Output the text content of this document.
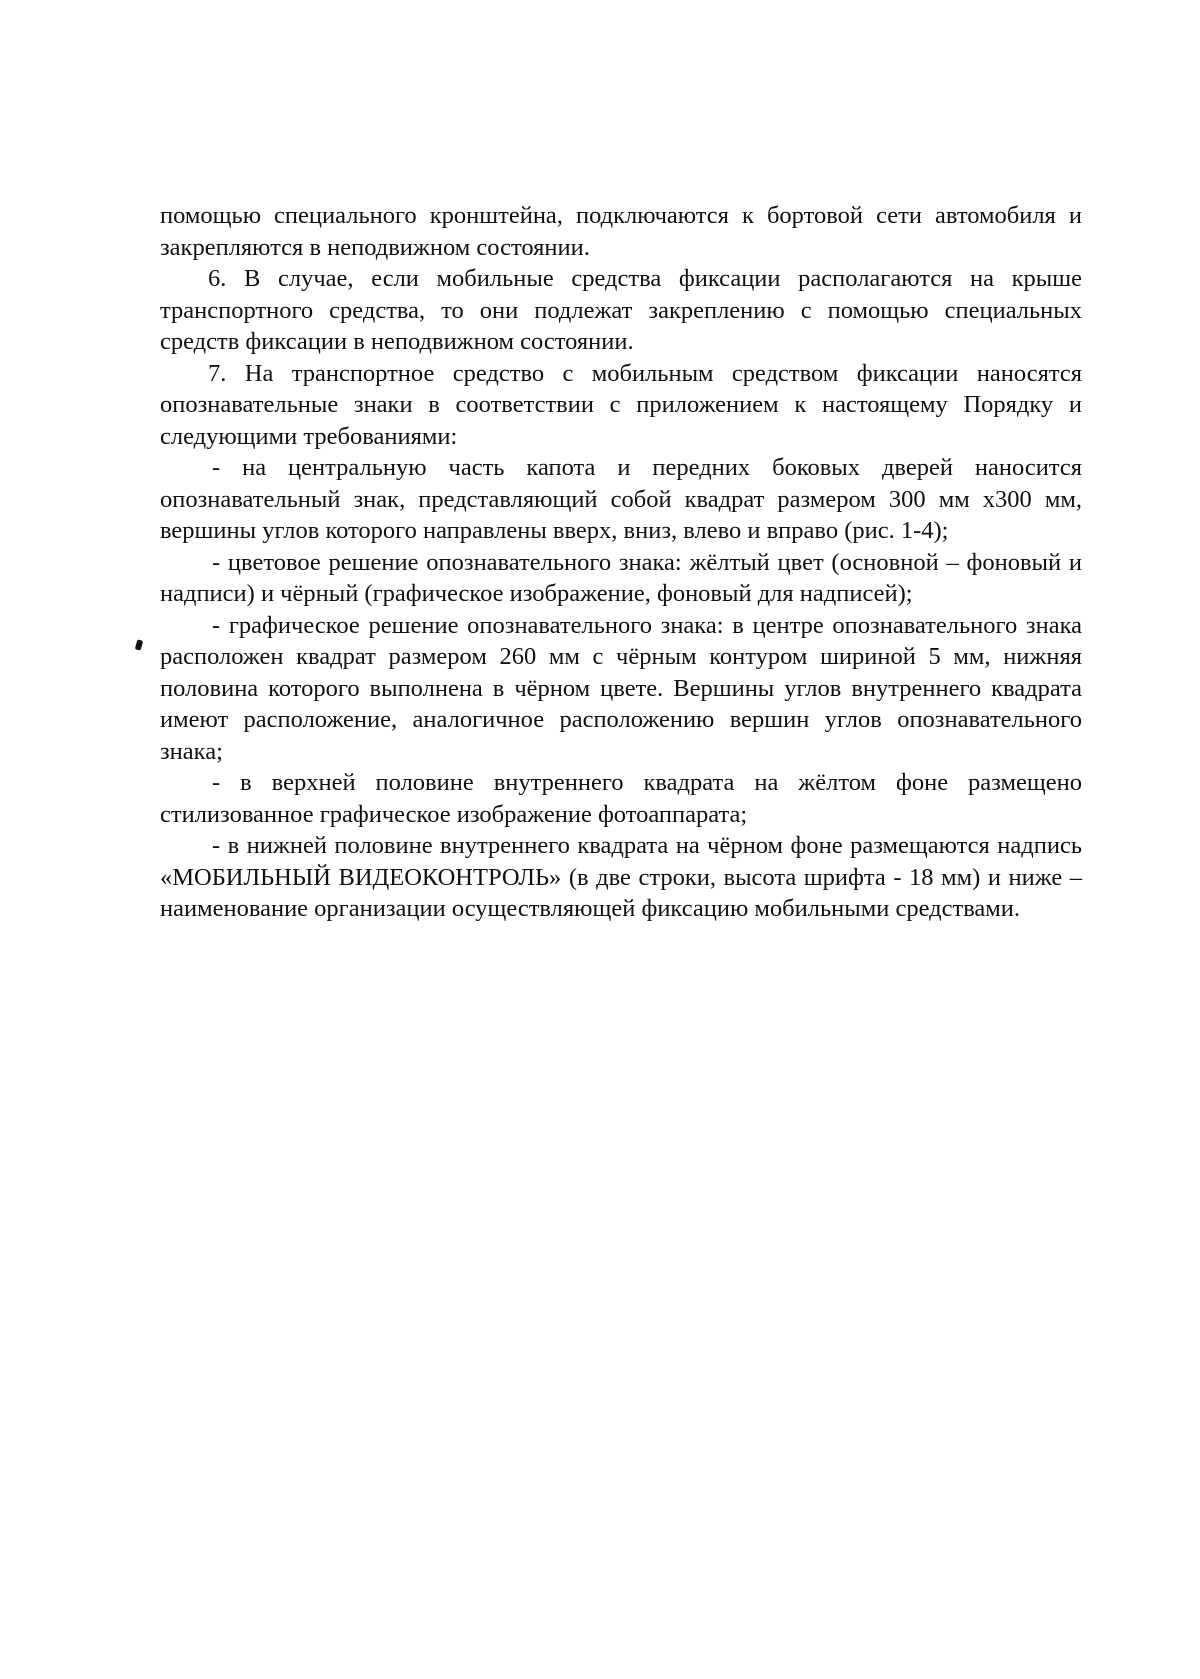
помощью специального кронштейна, подключаются к бортовой сети автомобиля и закрепляются в неподвижном состоянии.

6. В случае, если мобильные средства фиксации располагаются на крыше транспортного средства, то они подлежат закреплению с помощью специальных средств фиксации в неподвижном состоянии.

7. На транспортное средство с мобильным средством фиксации наносятся опознавательные знаки в соответствии с приложением к настоящему Порядку и следующими требованиями:

- на центральную часть капота и передних боковых дверей наносится опознавательный знак, представляющий собой квадрат размером 300 мм х300 мм, вершины углов которого направлены вверх, вниз, влево и вправо (рис. 1-4);

- цветовое решение опознавательного знака: жёлтый цвет (основной – фоновый и надписи) и чёрный (графическое изображение, фоновый для надписей);

- графическое решение опознавательного знака: в центре опознавательного знака расположен квадрат размером 260 мм с чёрным контуром шириной 5 мм, нижняя половина которого выполнена в чёрном цвете. Вершины углов внутреннего квадрата имеют расположение, аналогичное расположению вершин углов опознавательного знака;

- в верхней половине внутреннего квадрата на жёлтом фоне размещено стилизованное графическое изображение фотоаппарата;

- в нижней половине внутреннего квадрата на чёрном фоне размещаются надпись «МОБИЛЬНЫЙ ВИДЕОКОНТРОЛЬ» (в две строки, высота шрифта - 18 мм) и ниже – наименование организации осуществляющей фиксацию мобильными средствами.
